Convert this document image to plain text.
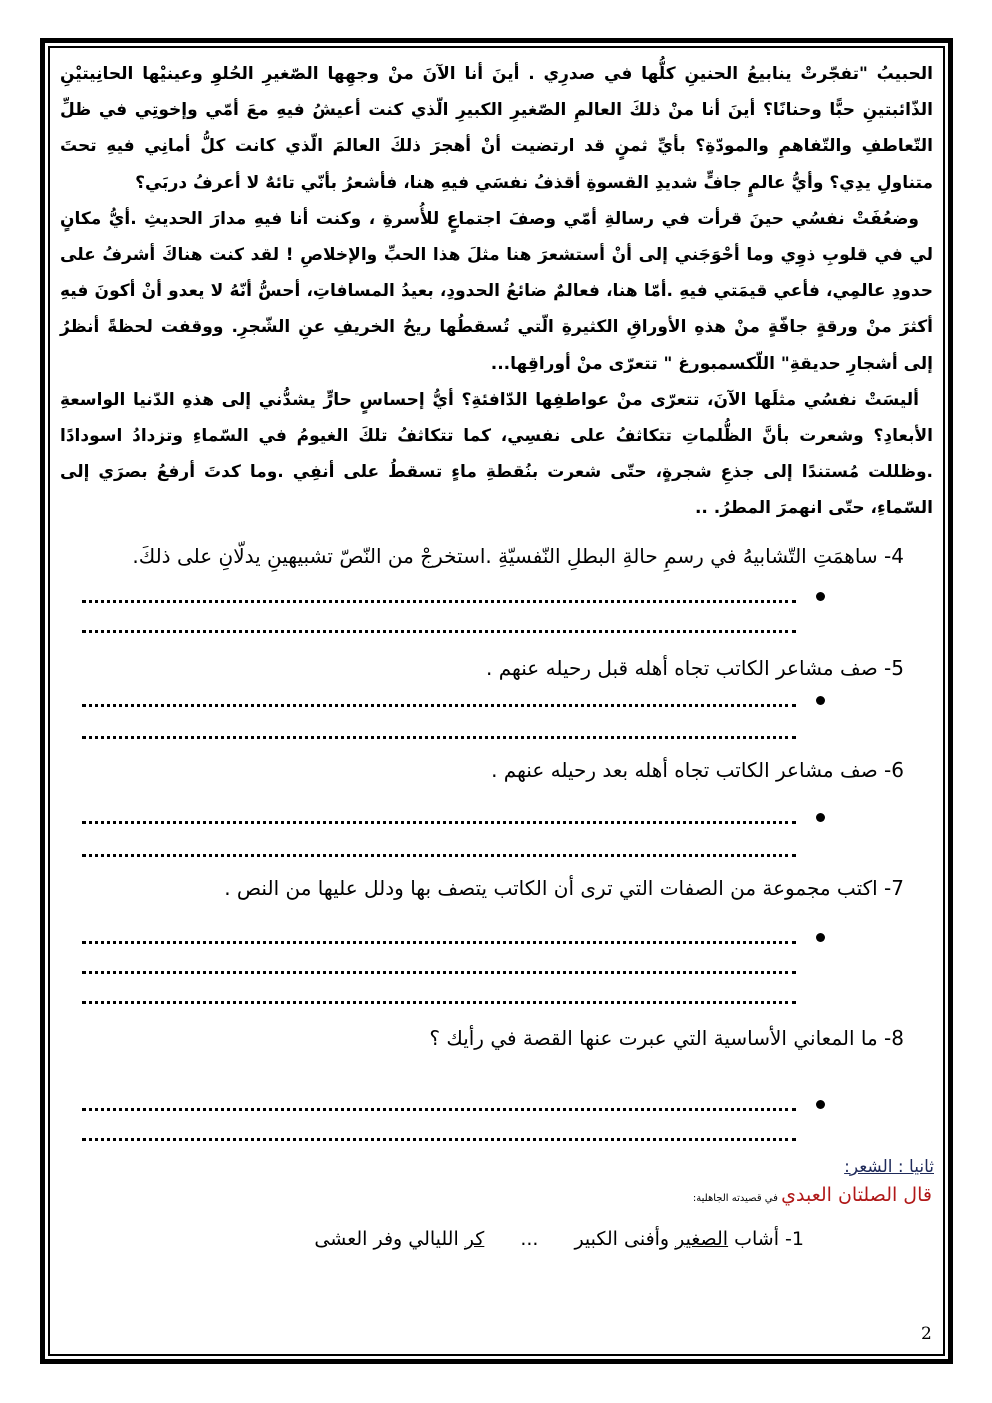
الحبيبُ "تفجّرتْ ينابيعُ الحنينِ كلُّها في صدرِي . أينَ أنا الآنَ منْ وجهِها الصّغيرِ الحُلوِ وعينيْها الحانِيتيْنِ الذّائبتينِ حبًّا وحنانًا؟ أينَ أنا منْ ذلكَ العالمِ الصّغيرِ الكبيرِ الّذي كنت أعيشُ فيهِ معَ أمّي وإخوتِي في ظلِّ التّعاطفِ والتّفاهمِ والمودّةِ؟ بأيِّ ثمنٍ قد ارتضيت أنْ أهجرَ ذلكَ العالمَ الّذي كانت كلُّ أمانِي فيهِ تحتَ متناولِ يدِي؟ وأيُّ عالمٍ جافٍّ شديدِ القسوةِ أقذفُ نفسَي فيهِ هنا، فأشعرُ بأنّي تائهٌ لا أعرفُ دربَي؟

وضعُفَتْ نفسُي حينَ قرأت في رسالةِ أمّي وصفَ اجتماعٍ للأُسرةِ ، وكنت أنا فيهِ مدارَ الحديثِ .أيُّ مكانٍ لي في قلوبِ ذوِي وما أحْوَجَني إلى أنْ أستشعرَ هنا مثلَ هذا الحبِّ والإخلاصِ ! لقد كنت هناكَ أشرفُ على حدودِ عالمِي، فأعي قيمَتي فيهِ .أمّا هنا، فعالمٌ ضائعُ الحدودِ، بعيدُ المسافاتِ، أحسُّ أنّهُ لا يعدو أنْ أكونَ فيهِ أكثرَ منْ ورقةٍ جافّةٍ منْ هذهِ الأوراقِ الكثيرةِ الّتي تُسقطُها ريحُ الخريفِ عنِ الشّجرِ. ووقفت لحظةً أنظرُ إلى أشجارِ حديقةِ" اللّكسمبورغ " تتعرّى منْ أوراقِها...

أليسَتْ نفسُي مثلَها الآنَ، تتعرّى منْ عواطفِها الدّافئةِ؟ أيُّ إحساسٍ حارٍّ يشدُّني إلى هذهِ الدّنيا الواسعةِ الأبعادِ؟ وشعرت بأنَّ الظُّلماتِ تتكاثفُ على نفسِي، كما تتكاثفُ تلكَ الغيومُ في السّماءِ وتزدادُ اسودادًا .وظللت مُستندًا إلى جذعِ شجرةٍ، حتّى شعرت بنُقطةِ ماءٍ تسقطُ على أنفِي .وما كدتَ أرفعُ بصرَي إلى السّماءِ، حتّى انهمرَ المطرُ. ..

4- ساهمَتِ التّشابيهُ في رسمِ حالةِ البطلِ النّفسيّةِ .استخرجْ من النّصّ تشبيهينِ يدلّانِ على ذلكَ.
5- صف مشاعر الكاتب تجاه أهله قبل رحيله عنهم .
6- صف مشاعر الكاتب تجاه أهله بعد رحيله عنهم .
7- اكتب مجموعة من الصفات التي ترى أن الكاتب يتصف بها ودلل عليها من النص .
8- ما المعاني الأساسية التي عبرت عنها القصة في رأيك ؟
ثانيا : الشعر:
قال الصلتان العبدي في قصيدته الجاهلية:
1- أشاب الصغير وأفنى الكبير...كر الليالي وفر العشى
2
